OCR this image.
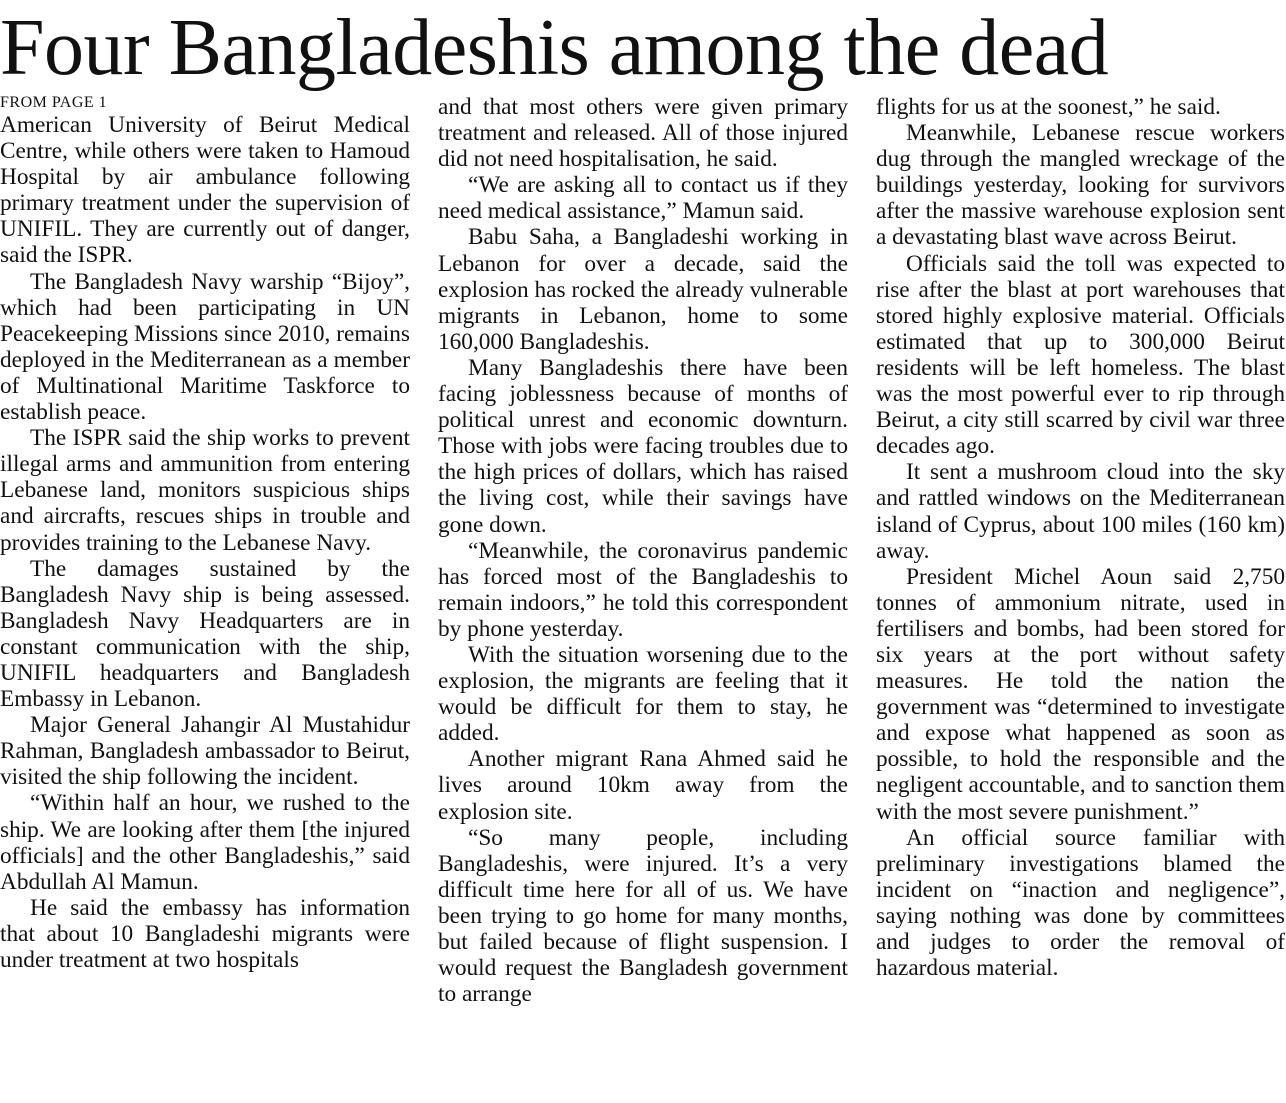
Four Bangladeshis among the dead
FROM PAGE 1

American University of Beirut Medical Centre, while others were taken to Hamoud Hospital by air ambulance following primary treatment under the supervision of UNIFIL. They are currently out of danger, said the ISPR.

The Bangladesh Navy warship “Bijoy”, which had been participating in UN Peacekeeping Missions since 2010, remains deployed in the Mediterranean as a member of Multinational Maritime Taskforce to establish peace.

The ISPR said the ship works to prevent illegal arms and ammunition from entering Lebanese land, monitors suspicious ships and aircrafts, rescues ships in trouble and provides training to the Lebanese Navy.

The damages sustained by the Bangladesh Navy ship is being assessed. Bangladesh Navy Headquarters are in constant communication with the ship, UNIFIL headquarters and Bangladesh Embassy in Lebanon.

Major General Jahangir Al Mustahidur Rahman, Bangladesh ambassador to Beirut, visited the ship following the incident.

“Within half an hour, we rushed to the ship. We are looking after them [the injured officials] and the other Bangladeshis,” said Abdullah Al Mamun.

He said the embassy has information that about 10 Bangladeshi migrants were under treatment at two hospitals

and that most others were given primary treatment and released. All of those injured did not need hospitalisation, he said.

“We are asking all to contact us if they need medical assistance,” Mamun said.

Babu Saha, a Bangladeshi working in Lebanon for over a decade, said the explosion has rocked the already vulnerable migrants in Lebanon, home to some 160,000 Bangladeshis.

Many Bangladeshis there have been facing joblessness because of months of political unrest and economic downturn. Those with jobs were facing troubles due to the high prices of dollars, which has raised the living cost, while their savings have gone down.

“Meanwhile, the coronavirus pandemic has forced most of the Bangladeshis to remain indoors,” he told this correspondent by phone yesterday.

With the situation worsening due to the explosion, the migrants are feeling that it would be difficult for them to stay, he added.

Another migrant Rana Ahmed said he lives around 10km away from the explosion site.

“So many people, including Bangladeshis, were injured. It’s a very difficult time here for all of us. We have been trying to go home for many months, but failed because of flight suspension. I would request the Bangladesh government to arrange

flights for us at the soonest,” he said.

Meanwhile, Lebanese rescue workers dug through the mangled wreckage of the buildings yesterday, looking for survivors after the massive warehouse explosion sent a devastating blast wave across Beirut.

Officials said the toll was expected to rise after the blast at port warehouses that stored highly explosive material. Officials estimated that up to 300,000 Beirut residents will be left homeless. The blast was the most powerful ever to rip through Beirut, a city still scarred by civil war three decades ago.

It sent a mushroom cloud into the sky and rattled windows on the Mediterranean island of Cyprus, about 100 miles (160 km) away.

President Michel Aoun said 2,750 tonnes of ammonium nitrate, used in fertilisers and bombs, had been stored for six years at the port without safety measures. He told the nation the government was “determined to investigate and expose what happened as soon as possible, to hold the responsible and the negligent accountable, and to sanction them with the most severe punishment.”

An official source familiar with preliminary investigations blamed the incident on “inaction and negligence”, saying nothing was done by committees and judges to order the removal of hazardous material.
